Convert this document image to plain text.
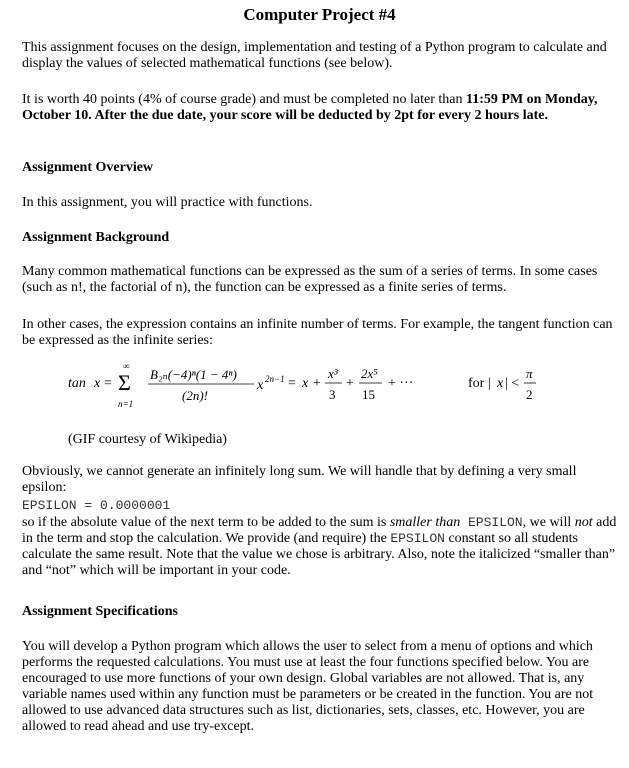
Computer Project #4

This assignment focuses on the design, implementation and testing of a Python program to calculate and display the values of selected mathematical functions (see below).

It is worth 40 points (4% of course grade) and must be completed no later than 11:59 PM on Monday, October 10. After the due date, your score will be deducted by 2pt for every 2 hours late.

Assignment Overview

In this assignment, you will practice with functions.

Assignment Background

Many common mathematical functions can be expressed as the sum of a series of terms. In some cases (such as n!, the factorial of n), the function can be expressed as a finite series of terms.

In other cases, the expression contains an infinite number of terms. For example, the tangent function can be expressed as the infinite series:

tan x = Σ
∞
n=1
B₂ₙ(−4)ⁿ(1 − 4ⁿ)
(2n)!
x 2n−1 = x +
x³
3
+
2x⁵
15
+ ···	for | x | <
π
2

(GIF courtesy of Wikipedia)

Obviously, we cannot generate an infinitely long sum. We will handle that by defining a very small epsilon:

EPSILON = 0.0000001

so if the absolute value of the next term to be added to the sum is smaller than EPSILON, we will not add in the term and stop the calculation. We provide (and require) the EPSILON constant so all students calculate the same result. Note that the value we chose is arbitrary. Also, note the italicized “smaller than” and “not” which will be important in your code.

Assignment Specifications

You will develop a Python program which allows the user to select from a menu of options and which performs the requested calculations. You must use at least the four functions specified below. You are encouraged to use more functions of your own design. Global variables are not allowed. That is, any variable names used within any function must be parameters or be created in the function. You are not allowed to use advanced data structures such as list, dictionaries, sets, classes, etc. However, you are allowed to read ahead and use try-except.
